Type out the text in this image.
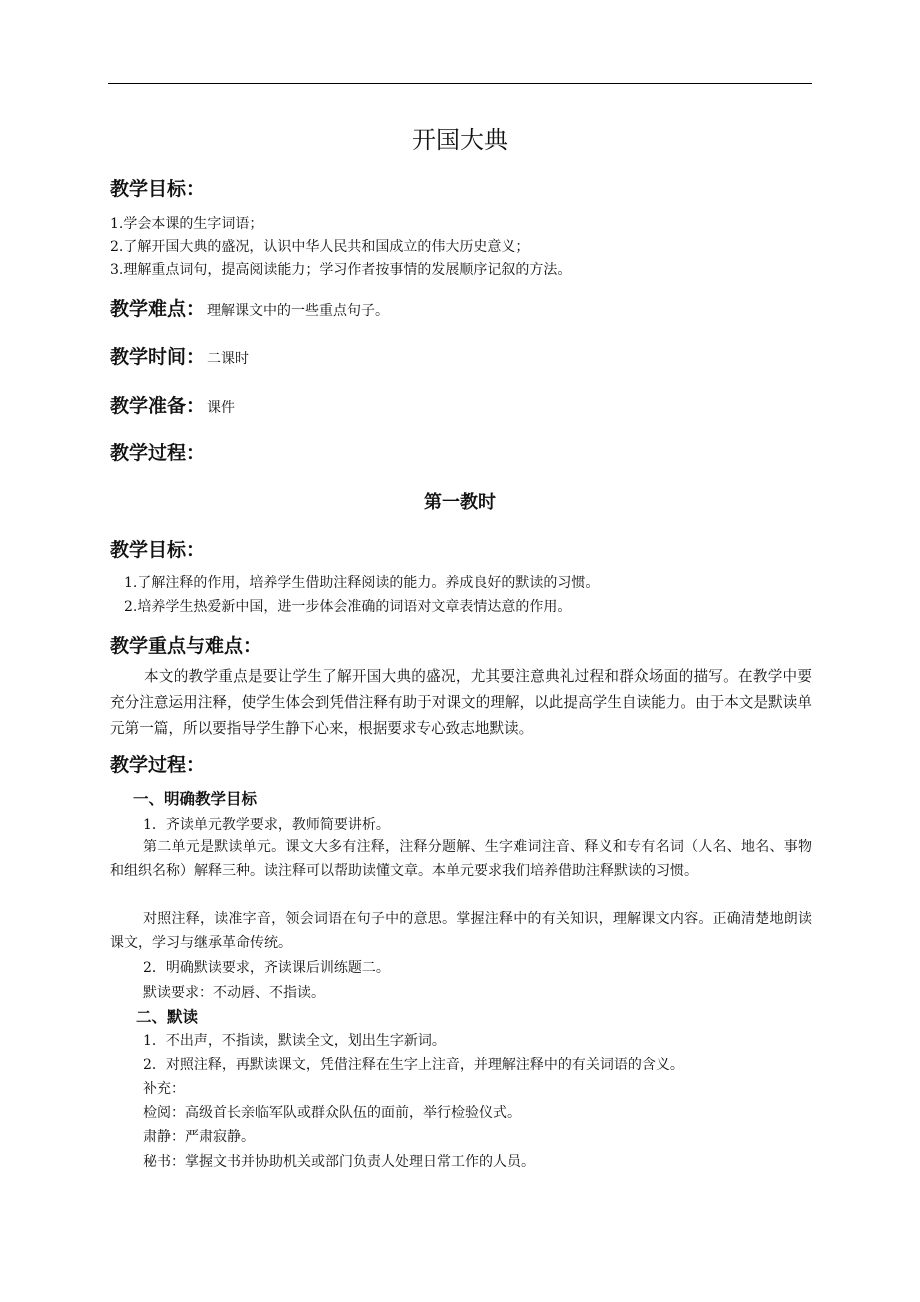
开国大典
教学目标：
1.学会本课的生字词语；
2.了解开国大典的盛况，认识中华人民共和国成立的伟大历史意义；
3.理解重点词句，提高阅读能力；学习作者按事情的发展顺序记叙的方法。
教学难点： 理解课文中的一些重点句子。
教学时间： 二课时
教学准备： 课件
教学过程：
第一教时
教学目标：
1.了解注释的作用，培养学生借助注释阅读的能力。养成良好的默读的习惯。
2.培养学生热爱新中国，进一步体会准确的词语对文章表情达意的作用。
教学重点与难点：
本文的教学重点是要让学生了解开国大典的盛况，尤其要注意典礼过程和群众场面的描写。在教学中要充分注意运用注释，使学生体会到凭借注释有助于对课文的理解，以此提高学生自读能力。由于本文是默读单元第一篇，所以要指导学生静下心来，根据要求专心致志地默读。
教学过程：
一、明确教学目标
1．齐读单元教学要求，教师简要讲析。
第二单元是默读单元。课文大多有注释，注释分题解、生字难词注音、释义和专有名词（人名、地名、事物和组织名称）解释三种。读注释可以帮助读懂文章。本单元要求我们培养借助注释默读的习惯。
对照注释，读准字音，领会词语在句子中的意思。掌握注释中的有关知识，理解课文内容。正确清楚地朗读课文，学习与继承革命传统。
2．明确默读要求，齐读课后训练题二。
默读要求：不动唇、不指读。
二、默读
1．不出声，不指读，默读全文，划出生字新词。
2．对照注释，再默读课文，凭借注释在生字上注音，并理解注释中的有关词语的含义。
补充：
检阅：高级首长亲临军队或群众队伍的面前，举行检验仪式。
肃静：严肃寂静。
秘书：掌握文书并协助机关或部门负责人处理日常工作的人员。
